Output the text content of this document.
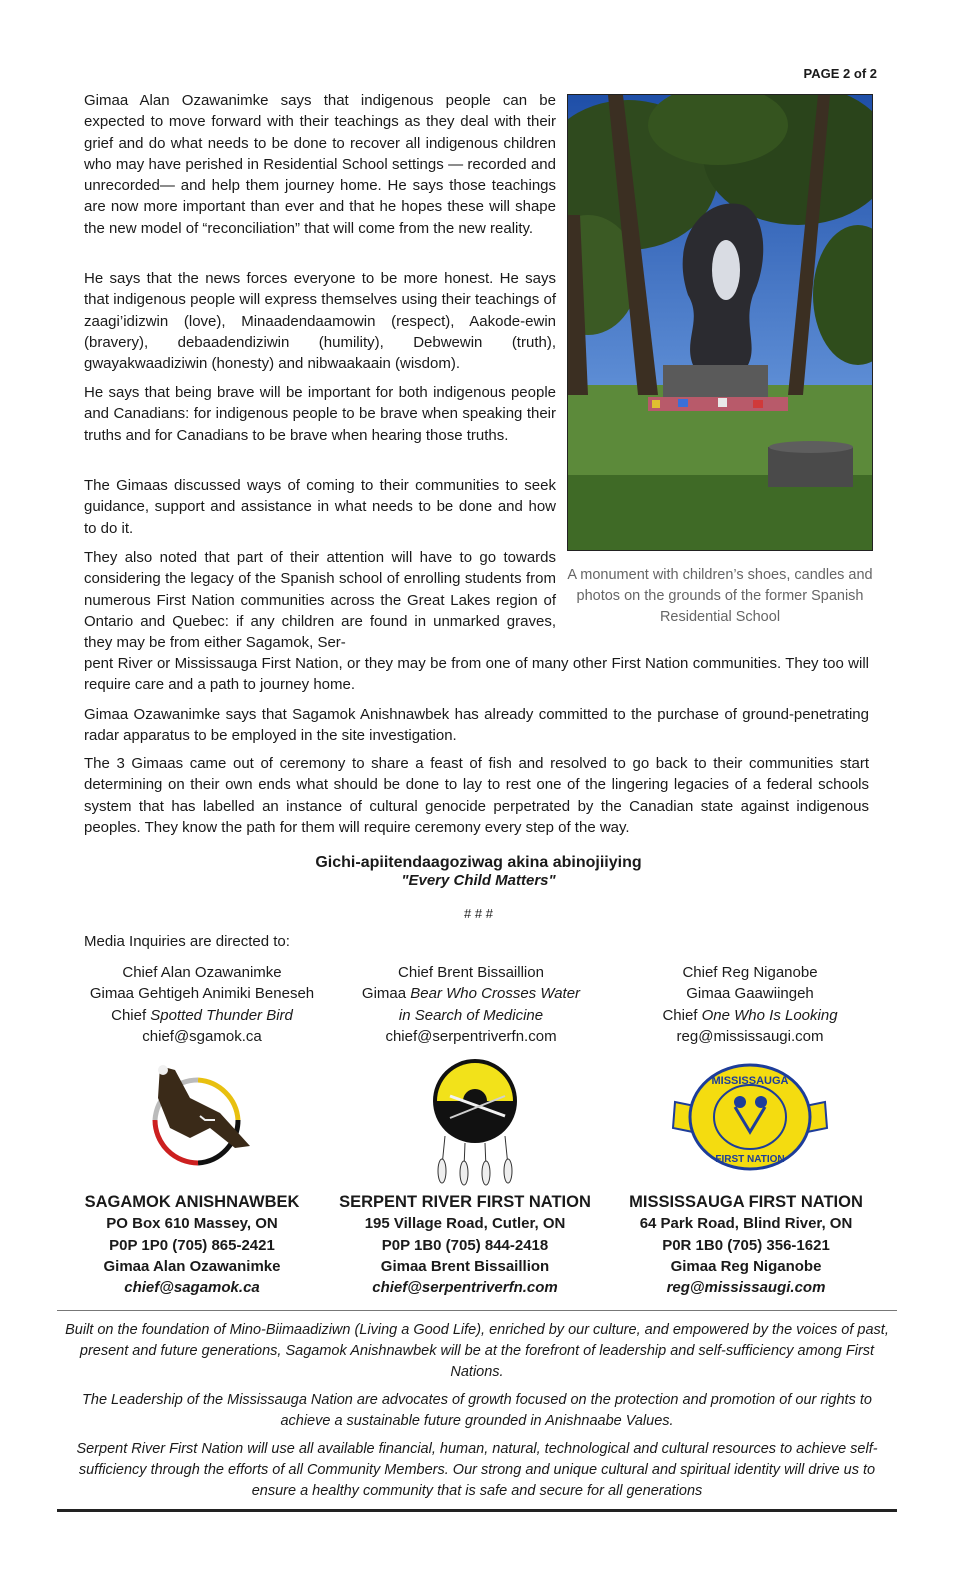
PAGE 2 of 2

Gimaa Alan Ozawanimke says that indigenous people can be expected to move forward with their teachings as they deal with their grief and do what needs to be done to recover all indigenous children who may have perished in Residential School settings — recorded and unrecorded— and help them journey home. He says those teachings are now more important than ever and that he hopes these will shape the new model of “reconciliation” that will come from the new reality.

He says that the news forces everyone to be more honest. He says that indigenous people will express themselves using their teachings of zaagi’idizwin (love), Minaadendaamowin (respect), Aakode-ewin (bravery), debaadendiziwin (humility), Debwewin (truth), gwayakwaadiziwin (honesty) and nibwaakaain (wisdom).

He says that being brave will be important for both indigenous people and Canadians: for indigenous people to be brave when speaking their truths and for Canadians to be brave when hearing those truths.

The Gimaas discussed ways of coming to their communities to seek guidance, support and assistance in what needs to be done and how to do it.

They also noted that part of their attention will have to go towards considering the legacy of the Spanish school of enrolling students from numerous First Nation communities across the Great Lakes region of Ontario and Quebec: if any children are found in unmarked graves, they may be from either Sagamok, Ser-

pent River or Mississauga First Nation, or they may be from one of many other First Nation communities. They too will require care and a path to journey home.

Gimaa Ozawanimke says that Sagamok Anishnawbek has already committed to the purchase of ground-penetrating radar apparatus to be employed in the site investigation.

The 3 Gimaas came out of ceremony to share a feast of fish and resolved to go back to their communities start determining on their own ends what should be done to lay to rest one of the lingering legacies of a federal schools system that has labelled an instance of cultural genocide perpetrated by the Canadian state against indigenous peoples. They know the path for them will require ceremony every step of the way.

A monument with children’s shoes, candles and photos on the grounds of the former Spanish Residential School
Gichi-apiitendaagoziwag akina abinojiiying
"Every Child Matters"
# # #
Media Inquiries are directed to:
Chief Alan Ozawanimke
Gimaa Gehtigeh Animiki Beneseh
Chief Spotted Thunder Bird
chief@sgamok.ca
Chief Brent Bissaillion
Gimaa Bear Who Crosses Water
in Search of Medicine
chief@serpentriverfn.com
Chief Reg Niganobe
Gimaa Gaawiingeh
Chief One Who Is Looking
reg@mississaugi.com
MISSISSAUGA
FIRST NATION
SAGAMOK ANISHNAWBEK
PO Box 610 Massey, ON
P0P 1P0 (705) 865-2421
Gimaa Alan Ozawanimke
chief@sagamok.ca
SERPENT RIVER FIRST NATION
195 Village Road, Cutler, ON
P0P 1B0 (705) 844-2418
Gimaa Brent Bissaillion
chief@serpentriverfn.com
MISSISSAUGA FIRST NATION
64 Park Road, Blind River, ON
P0R 1B0 (705) 356-1621
Gimaa Reg Niganobe
reg@mississaugi.com
Built on the foundation of Mino-Biimaadiziwn (Living a Good Life), enriched by our culture, and empowered by the voices of past, present and future generations, Sagamok Anishnawbek will be at the forefront of leadership and self-sufficiency among First Nations.
The Leadership of the Mississauga Nation are advocates of growth focused on the protection and promotion of our rights to achieve a sustainable future grounded in Anishnaabe Values.
Serpent River First Nation will use all available financial, human, natural, technological and cultural resources to achieve self-sufficiency through the efforts of all Community Members. Our strong and unique cultural and spiritual identity will drive us to ensure a healthy community that is safe and secure for all generations
